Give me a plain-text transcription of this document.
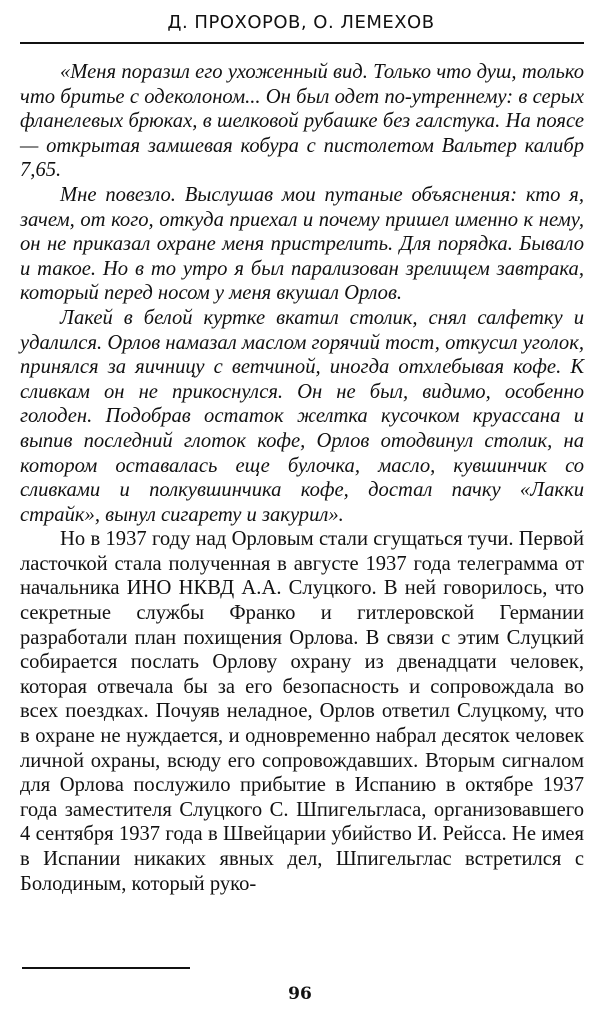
Д. ПРОХОРОВ, О. ЛЕМЕХОВ

«Меня поразил его ухоженный вид. Только что душ, только что бритье с одеколоном... Он был одет по-утреннему: в серых фланелевых брюках, в шелковой рубашке без галстука. На поясе — открытая замшевая кобура с пистолетом Вальтер калибр 7,65.

Мне повезло. Выслушав мои путаные объяснения: кто я, зачем, от кого, откуда приехал и почему пришел именно к нему, он не приказал охране меня пристрелить. Для порядка. Бывало и такое. Но в то утро я был парализован зрелищем завтрака, который перед носом у меня вкушал Орлов.

Лакей в белой куртке вкатил столик, снял салфетку и удалился. Орлов намазал маслом горячий тост, откусил уголок, принялся за яичницу с ветчиной, иногда отхлебывая кофе. К сливкам он не прикоснулся. Он не был, видимо, особенно голоден. Подобрав остаток желтка кусочком круассана и выпив последний глоток кофе, Орлов отодвинул столик, на котором оставалась еще булочка, масло, кувшинчик со сливками и полкувшинчика кофе, достал пачку «Лакки страйк», вынул сигарету и закурил».

Но в 1937 году над Орловым стали сгущаться тучи. Первой ласточкой стала полученная в августе 1937 года телеграмма от начальника ИНО НКВД А.А. Слуцкого. В ней говорилось, что секретные службы Франко и гитлеровской Германии разработали план похищения Орлова. В связи с этим Слуцкий собирается послать Орлову охрану из двенадцати человек, которая отвечала бы за его безопасность и сопровождала во всех поездках. Почуяв неладное, Орлов ответил Слуцкому, что в охране не нуждается, и одновременно набрал десяток человек личной охраны, всюду его сопровождавших. Вторым сигналом для Орлова послужило прибытие в Испанию в октябре 1937 года заместителя Слуцкого С. Шпигельгласа, организовавшего 4 сентября 1937 года в Швейцарии убийство И. Рейсса. Не имея в Испании никаких явных дел, Шпигельглас встретился с Болодиным, который руко-

96
